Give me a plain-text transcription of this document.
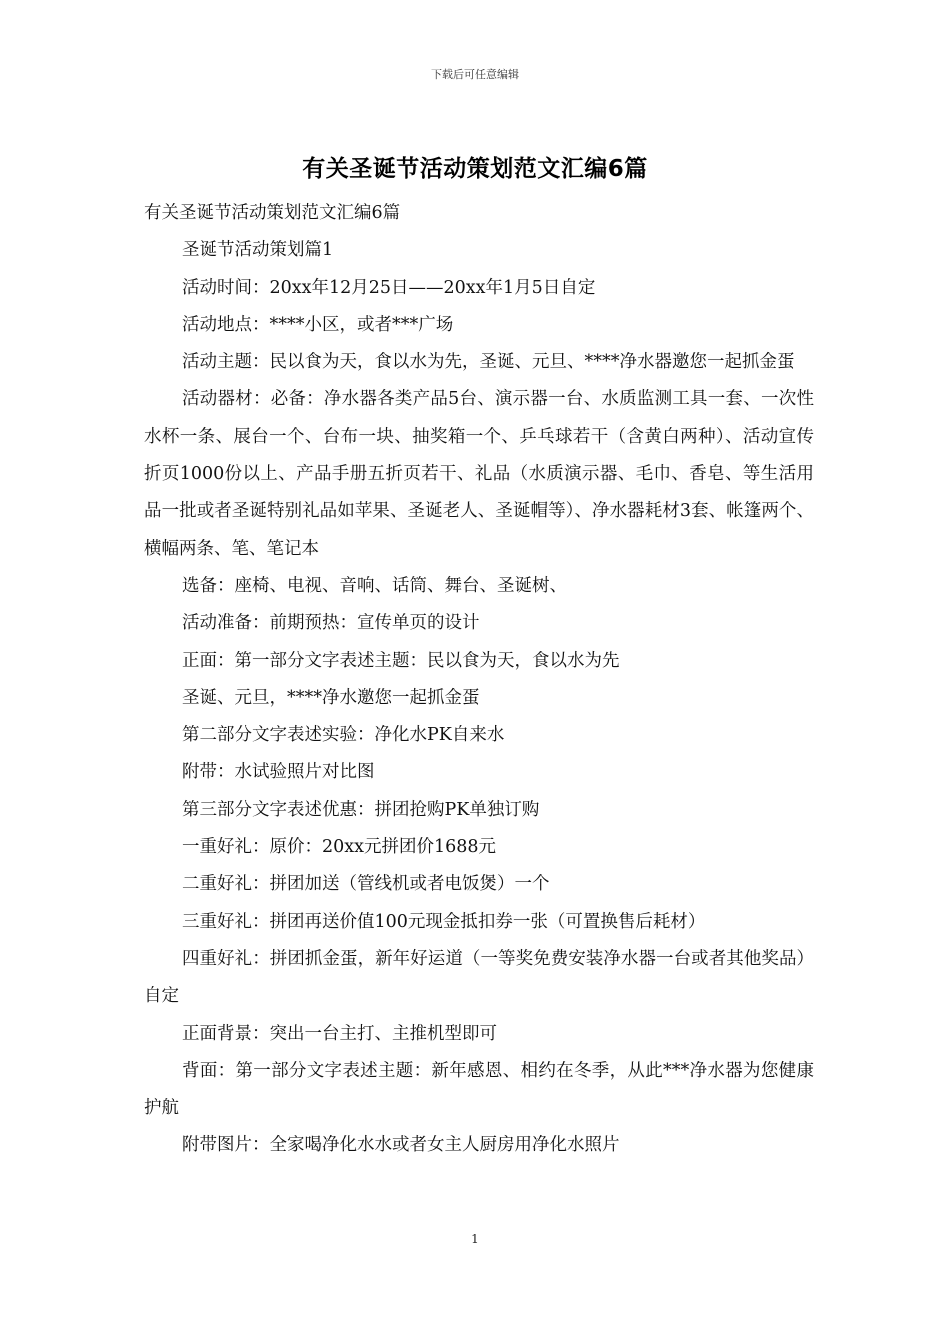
下载后可任意编辑
有关圣诞节活动策划范文汇编6篇

有关圣诞节活动策划范文汇编6篇

圣诞节活动策划篇1

活动时间：20xx年12月25日——20xx年1月5日自定

活动地点：****小区，或者***广场

活动主题：民以食为天，食以水为先，圣诞、元旦、****净水器邀您一起抓金蛋

活动器材：必备：净水器各类产品5台、演示器一台、水质监测工具一套、一次性水杯一条、展台一个、台布一块、抽奖箱一个、乒乓球若干（含黄白两种）、活动宣传折页1000份以上、产品手册五折页若干、礼品（水质演示器、毛巾、香皂、等生活用品一批或者圣诞特别礼品如苹果、圣诞老人、圣诞帽等）、净水器耗材3套、帐篷两个、横幅两条、笔、笔记本

选备：座椅、电视、音响、话筒、舞台、圣诞树、

活动准备：前期预热：宣传单页的设计

正面：第一部分文字表述主题：民以食为天，食以水为先

圣诞、元旦，****净水邀您一起抓金蛋

第二部分文字表述实验：净化水PK自来水

附带：水试验照片对比图

第三部分文字表述优惠：拼团抢购PK单独订购

一重好礼：原价：20xx元拼团价1688元

二重好礼：拼团加送（管线机或者电饭煲）一个

三重好礼：拼团再送价值100元现金抵扣券一张（可置换售后耗材）

四重好礼：拼团抓金蛋，新年好运道（一等奖免费安装净水器一台或者其他奖品）自定

正面背景：突出一台主打、主推机型即可

背面：第一部分文字表述主题：新年感恩、相约在冬季，从此***净水器为您健康护航

附带图片：全家喝净化水水或者女主人厨房用净化水照片

1
